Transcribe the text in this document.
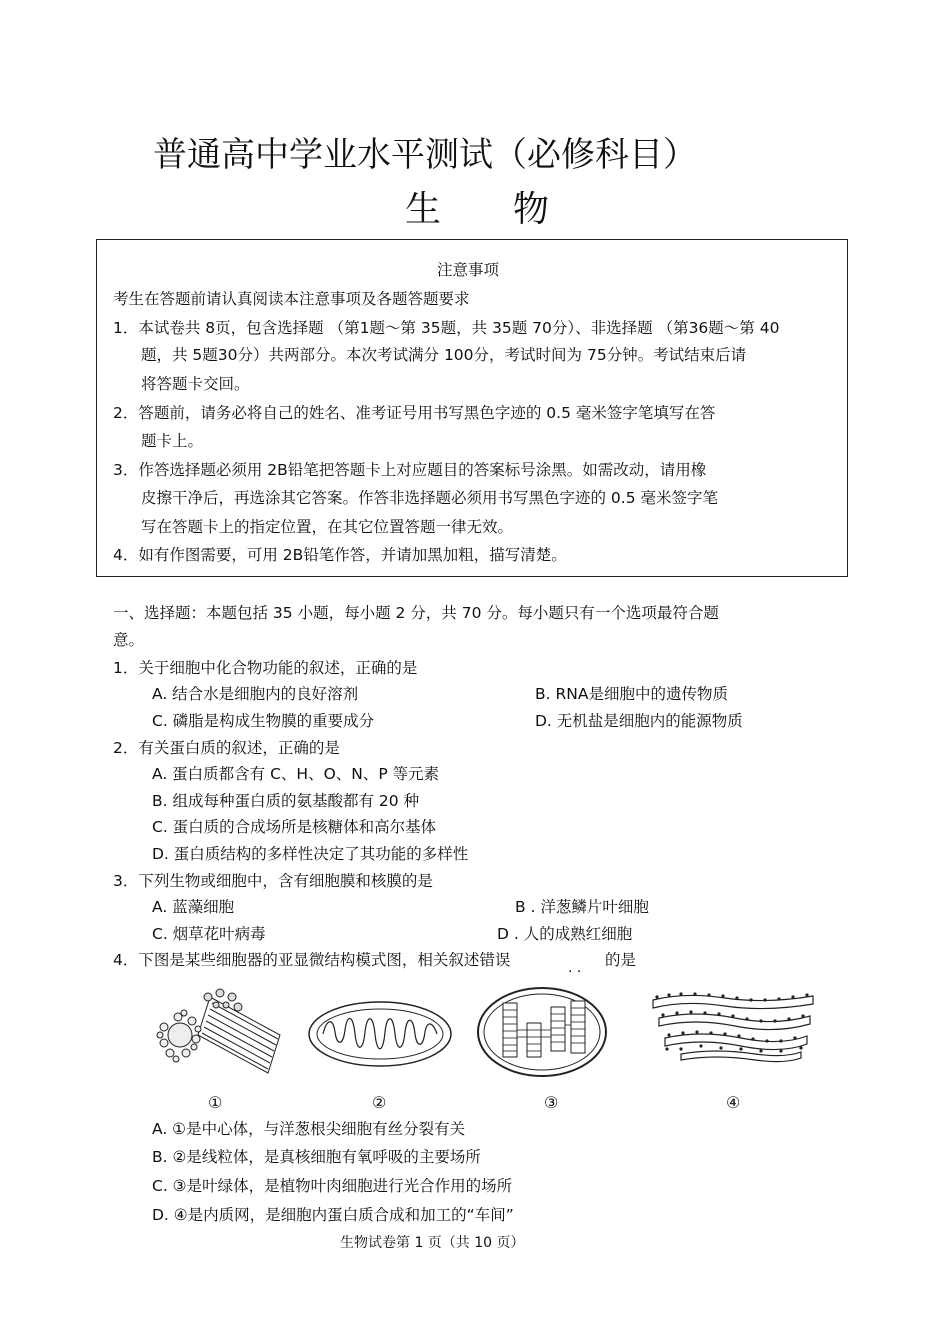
普通高中学业水平测试（必修科目）
生　　物
注意事项
考生在答题前请认真阅读本注意事项及各题答题要求
1．本试卷共 8页，包含选择题 （第1题～第 35题，共 35题 70分）、非选择题 （第36题～第 40
题，共 5题30分）共两部分。本次考试满分 100分，考试时间为 75分钟。考试结束后请
将答题卡交回。
2．答题前，请务必将自己的姓名、准考证号用书写黑色字迹的 0.5 毫米签字笔填写在答
题卡上。
3．作答选择题必须用 2B铅笔把答题卡上对应题目的答案标号涂黑。如需改动，请用橡
皮擦干净后，再选涂其它答案。作答非选择题必须用书写黑色字迹的 0.5 毫米签字笔
写在答题卡上的指定位置，在其它位置答题一律无效。
4．如有作图需要，可用 2B铅笔作答，并请加黑加粗，描写清楚。
一、选择题：本题包括 35 小题，每小题 2 分，共 70 分。每小题只有一个选项最符合题
意。
1．关于细胞中化合物功能的叙述，正确的是
A. 结合水是细胞内的良好溶剂	B. RNA是细胞中的遗传物质
C. 磷脂是构成生物膜的重要成分	D. 无机盐是细胞内的能源物质
2．有关蛋白质的叙述，正确的是
A. 蛋白质都含有 C、H、O、N、P 等元素
B. 组成每种蛋白质的氨基酸都有 20 种
C. 蛋白质的合成场所是核糖体和高尔基体
D. 蛋白质结构的多样性决定了其功能的多样性
3．下列生物或细胞中，含有细胞膜和核膜的是
A. 蓝藻细胞	B . 洋葱鳞片叶细胞
C. 烟草花叶病毒	D . 人的成熟红细胞
4．下图是某些细胞器的亚显微结构模式图，相关叙述错误	. . 的是
①	②	③	④
A. ①是中心体，与洋葱根尖细胞有丝分裂有关
B. ②是线粒体，是真核细胞有氧呼吸的主要场所
C. ③是叶绿体，是植物叶肉细胞进行光合作用的场所
D. ④是内质网，是细胞内蛋白质合成和加工的“车间”
生物试卷第 1 页（共 10 页）
